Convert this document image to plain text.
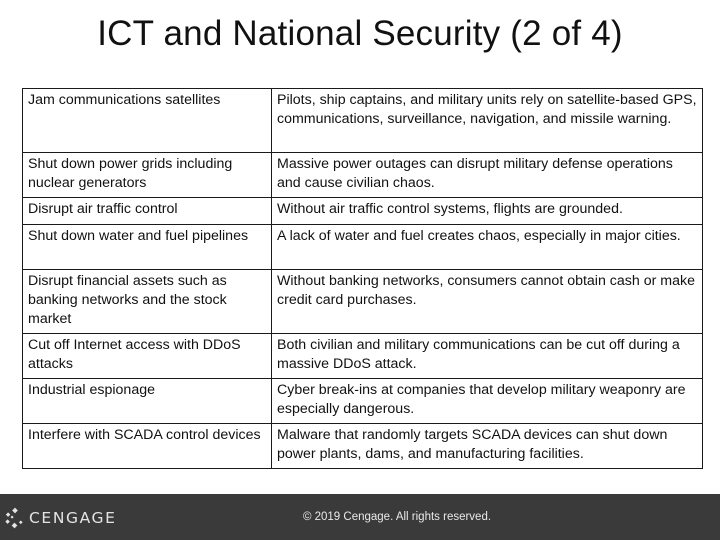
ICT and National Security (2 of 4)
Jam communications satellites	Pilots, ship captains, and military units rely on satellite-based GPS, communications, surveillance, navigation, and missile warning.
Shut down power grids including nuclear generators	Massive power outages can disrupt military defense operations and cause civilian chaos.
Disrupt air traffic control	Without air traffic control systems, flights are grounded.
Shut down water and fuel pipelines	A lack of water and fuel creates chaos, especially in major cities.
Disrupt financial assets such as banking networks and the stock market	Without banking networks, consumers cannot obtain cash or make credit card purchases.
Cut off Internet access with DDoS attacks	Both civilian and military communications can be cut off during a massive DDoS attack.
Industrial espionage	Cyber break-ins at companies that develop military weaponry are especially dangerous.
Interfere with SCADA control devices	Malware that randomly targets SCADA devices can shut down power plants, dams, and manufacturing facilities.
CENGAGE	© 2019 Cengage. All rights reserved.
